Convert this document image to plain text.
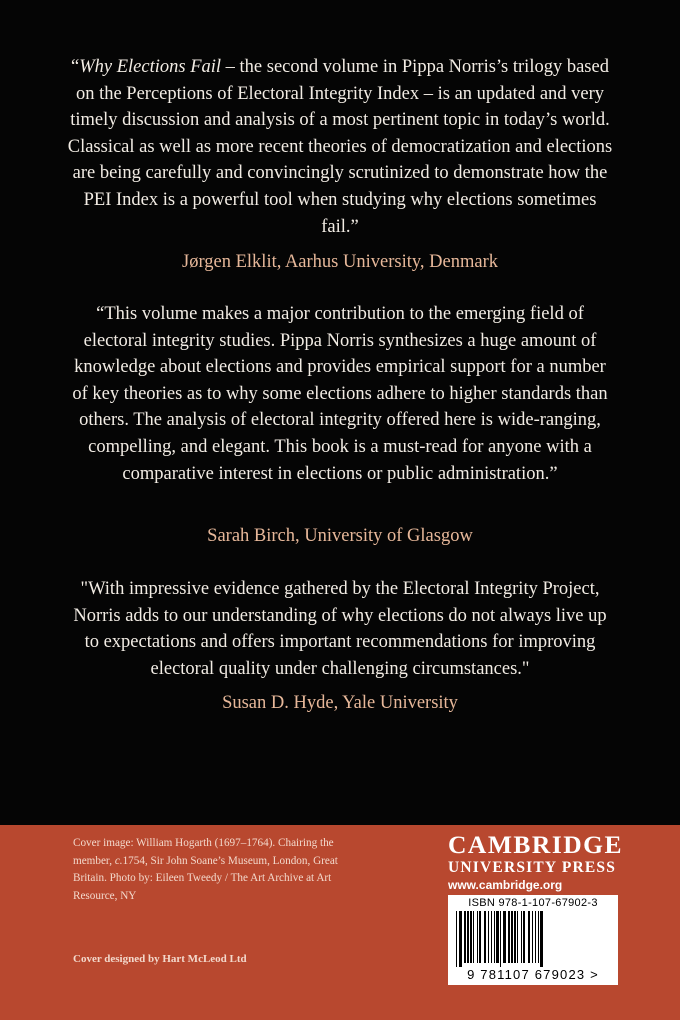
“Why Elections Fail – the second volume in Pippa Norris’s trilogy based on the Perceptions of Electoral Integrity Index – is an updated and very timely discussion and analysis of a most pertinent topic in today’s world. Classical as well as more recent theories of democratization and elections are being carefully and convincingly scrutinized to demonstrate how the PEI Index is a powerful tool when studying why elections sometimes fail.”
Jørgen Elklit, Aarhus University, Denmark
“This volume makes a major contribution to the emerging field of electoral integrity studies. Pippa Norris synthesizes a huge amount of knowledge about elections and provides empirical support for a number of key theories as to why some elections adhere to higher standards than others. The analysis of electoral integrity offered here is wide-ranging, compelling, and elegant. This book is a must-read for anyone with a comparative interest in elections or public administration.”
Sarah Birch, University of Glasgow
"With impressive evidence gathered by the Electoral Integrity Project, Norris adds to our understanding of why elections do not always live up to expectations and offers important recommendations for improving electoral quality under challenging circumstances."
Susan D. Hyde, Yale University
Cover image: William Hogarth (1697–1764). Chairing the member, c.1754, Sir John Soane’s Museum, London, Great Britain. Photo by: Eileen Tweedy / The Art Archive at Art Resource, NY
Cover designed by Hart McLeod Ltd
CAMBRIDGE
UNIVERSITY PRESS
www.cambridge.org
ISBN 978-1-107-67902-3
9 781107 679023 >
